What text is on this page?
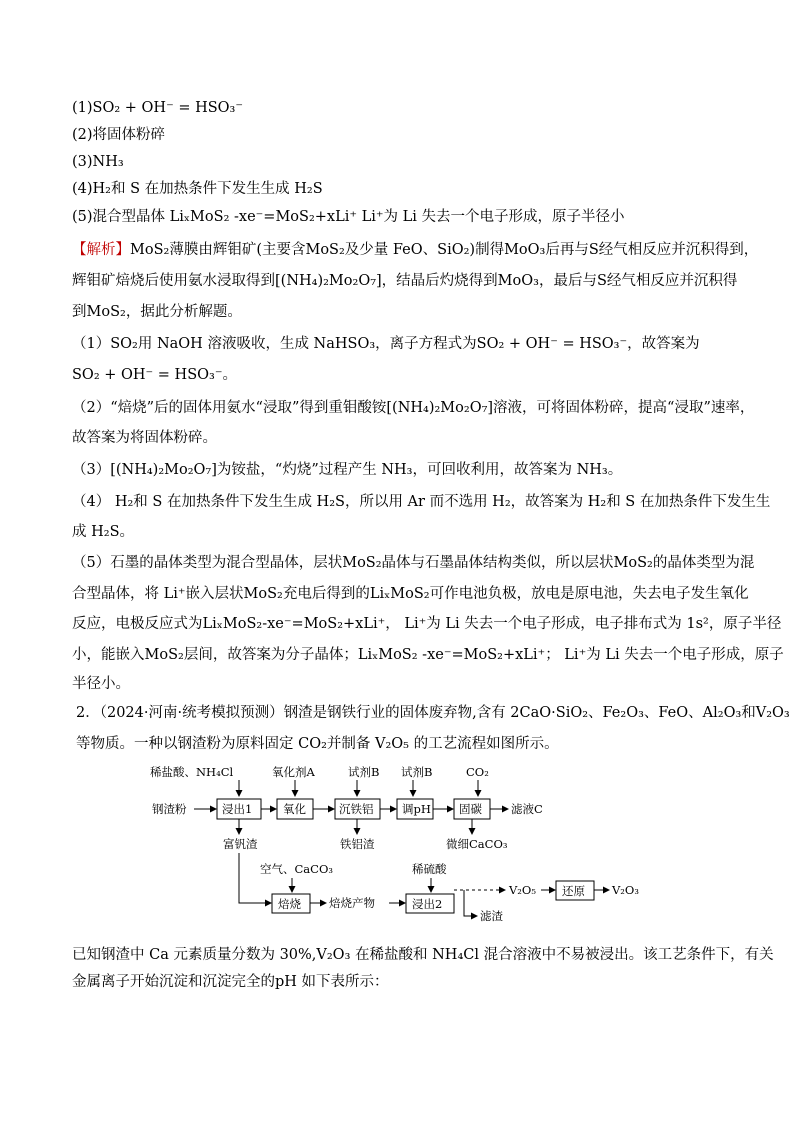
(1)SO₂ + OH⁻ = HSO₃⁻
(2)将固体粉碎
(3)NH₃
(4)H₂和 S 在加热条件下发生生成 H₂S
(5)混合型晶体 LiₓMoS₂ -xe⁻=MoS₂+xLi⁺ Li⁺为 Li 失去一个电子形成，原子半径小
【解析】MoS₂薄膜由辉钼矿(主要含MoS₂及少量 FeO、SiO₂)制得MoO₃后再与S经气相反应并沉积得到，
辉钼矿焙烧后使用氨水浸取得到[(NH₄)₂Mo₂O₇]，结晶后灼烧得到MoO₃，最后与S经气相反应并沉积得
到MoS₂，据此分析解题。
（1）SO₂用 NaOH 溶液吸收，生成 NaHSO₃，离子方程式为SO₂ + OH⁻ = HSO₃⁻，故答案为
SO₂ + OH⁻ = HSO₃⁻。
（2）“焙烧”后的固体用氨水“浸取”得到重钼酸铵[(NH₄)₂Mo₂O₇]溶液，可将固体粉碎，提高“浸取”速率，
故答案为将固体粉碎。
（3）[(NH₄)₂Mo₂O₇]为铵盐，“灼烧”过程产生 NH₃，可回收利用，故答案为 NH₃。
（4） H₂和 S 在加热条件下发生生成 H₂S，所以用 Ar 而不选用 H₂，故答案为 H₂和 S 在加热条件下发生生
成 H₂S。
（5）石墨的晶体类型为混合型晶体，层状MoS₂晶体与石墨晶体结构类似，所以层状MoS₂的晶体类型为混
合型晶体，将 Li⁺嵌入层状MoS₂充电后得到的LiₓMoS₂可作电池负极，放电是原电池，失去电子发生氧化
反应，电极反应式为LiₓMoS₂-xe⁻=MoS₂+xLi⁺， Li⁺为 Li 失去一个电子形成，电子排布式为 1s²，原子半径
小，能嵌入MoS₂层间，故答案为分子晶体；LiₓMoS₂ -xe⁻=MoS₂+xLi⁺； Li⁺为 Li 失去一个电子形成，原子
半径小。
2．（2024·河南·统考模拟预测）钢渣是钢铁行业的固体废弃物,含有 2CaO·SiO₂、Fe₂O₃、FeO、Al₂O₃和V₂O₃
等物质。一种以钢渣粉为原料固定 CO₂并制备 V₂O₅ 的工艺流程如图所示。
稀盐酸、NH₄Cl	氧化剂A	试剂B 试剂B	CO₂
钢渣粉	浸出1	氧化	沉铁铝 调pH 固碳	滤液C
富钒渣	铁铝渣	微细CaCO₃
空气、CaCO₃	稀硫酸
焙烧 焙烧产物	浸出2
V₂O₅ 还原 V₂O₃
滤渣
已知钢渣中 Ca 元素质量分数为 30%,V₂O₃ 在稀盐酸和 NH₄Cl 混合溶液中不易被浸出。该工艺条件下，有关
金属离子开始沉淀和沉淀完全的pH 如下表所示：
